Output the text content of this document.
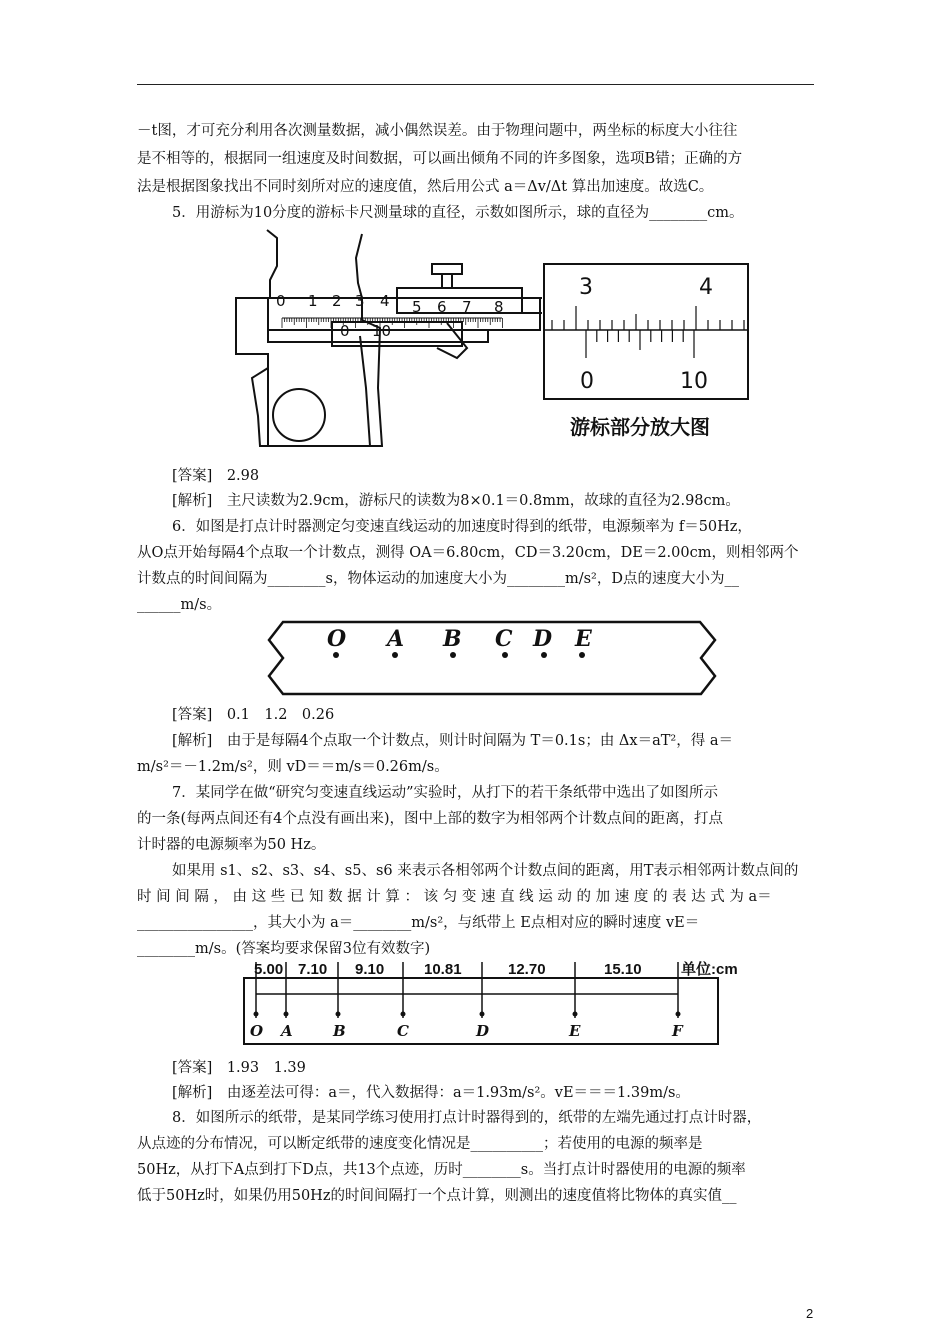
－t图，才可充分利用各次测量数据，减小偶然误差。由于物理问题中，两坐标的标度大小往往
是不相等的，根据同一组速度及时间数据，可以画出倾角不同的许多图象，选项B错；正确的方
法是根据图象找出不同时刻所对应的速度值，然后用公式 a＝Δv/Δt 算出加速度。故选C。
5．用游标为10分度的游标卡尺测量球的直径，示数如图所示，球的直径为________cm。
0 1 2 3 4 5 6 7 8
0 10
3	4
0	10
游标部分放大图
[答案]　2.98
[解析]　主尺读数为2.9cm，游标尺的读数为8×0.1＝0.8mm，故球的直径为2.98cm。
6．如图是打点计时器测定匀变速直线运动的加速度时得到的纸带，电源频率为 f＝50Hz，
从O点开始每隔4个点取一个计数点，测得 OA＝6.80cm，CD＝3.20cm，DE＝2.00cm，则相邻两个
计数点的时间间隔为________s，物体运动的加速度大小为________m/s²，D点的速度大小为__
______m/s。
O A B C D E
[答案]　0.1　1.2　0.26
[解析]　由于是每隔4个点取一个计数点，则计时间隔为 T＝0.1s；由 Δx＝aT²，得 a＝
m/s²＝－1.2m/s²，则 vD＝＝m/s＝0.26m/s。
7．某同学在做“研究匀变速直线运动”实验时，从打下的若干条纸带中选出了如图所示
的一条(每两点间还有4个点没有画出来)，图中上部的数字为相邻两个计数点间的距离，打点
计时器的电源频率为50 Hz。
如果用 s1、s2、s3、s4、s5、s6 来表示各相邻两个计数点间的距离，用T表示相邻两计数点间的
时 间 间 隔 ， 由 这 些 已 知 数 据 计 算 ： 该 匀 变 速 直 线 运 动 的 加 速 度 的 表 达 式 为 a＝
________________，其大小为 a＝________m/s²，与纸带上 E点相对应的瞬时速度 vE＝
________m/s。(答案均要求保留3位有效数字)
5.00 7.10 9.10	10.81	12.70	15.10	单位:cm
O A	B	C	D	E	F
[答案]　1.93　1.39
[解析]　由逐差法可得：a＝，代入数据得：a＝1.93m/s²。vE＝＝＝1.39m/s。
8．如图所示的纸带，是某同学练习使用打点计时器得到的，纸带的左端先通过打点计时器，
从点迹的分布情况，可以断定纸带的速度变化情况是__________；若使用的电源的频率是
50Hz，从打下A点到打下D点，共13个点迹，历时________s。当打点计时器使用的电源的频率
低于50Hz时，如果仍用50Hz的时间间隔打一个点计算，则测出的速度值将比物体的真实值__
2
